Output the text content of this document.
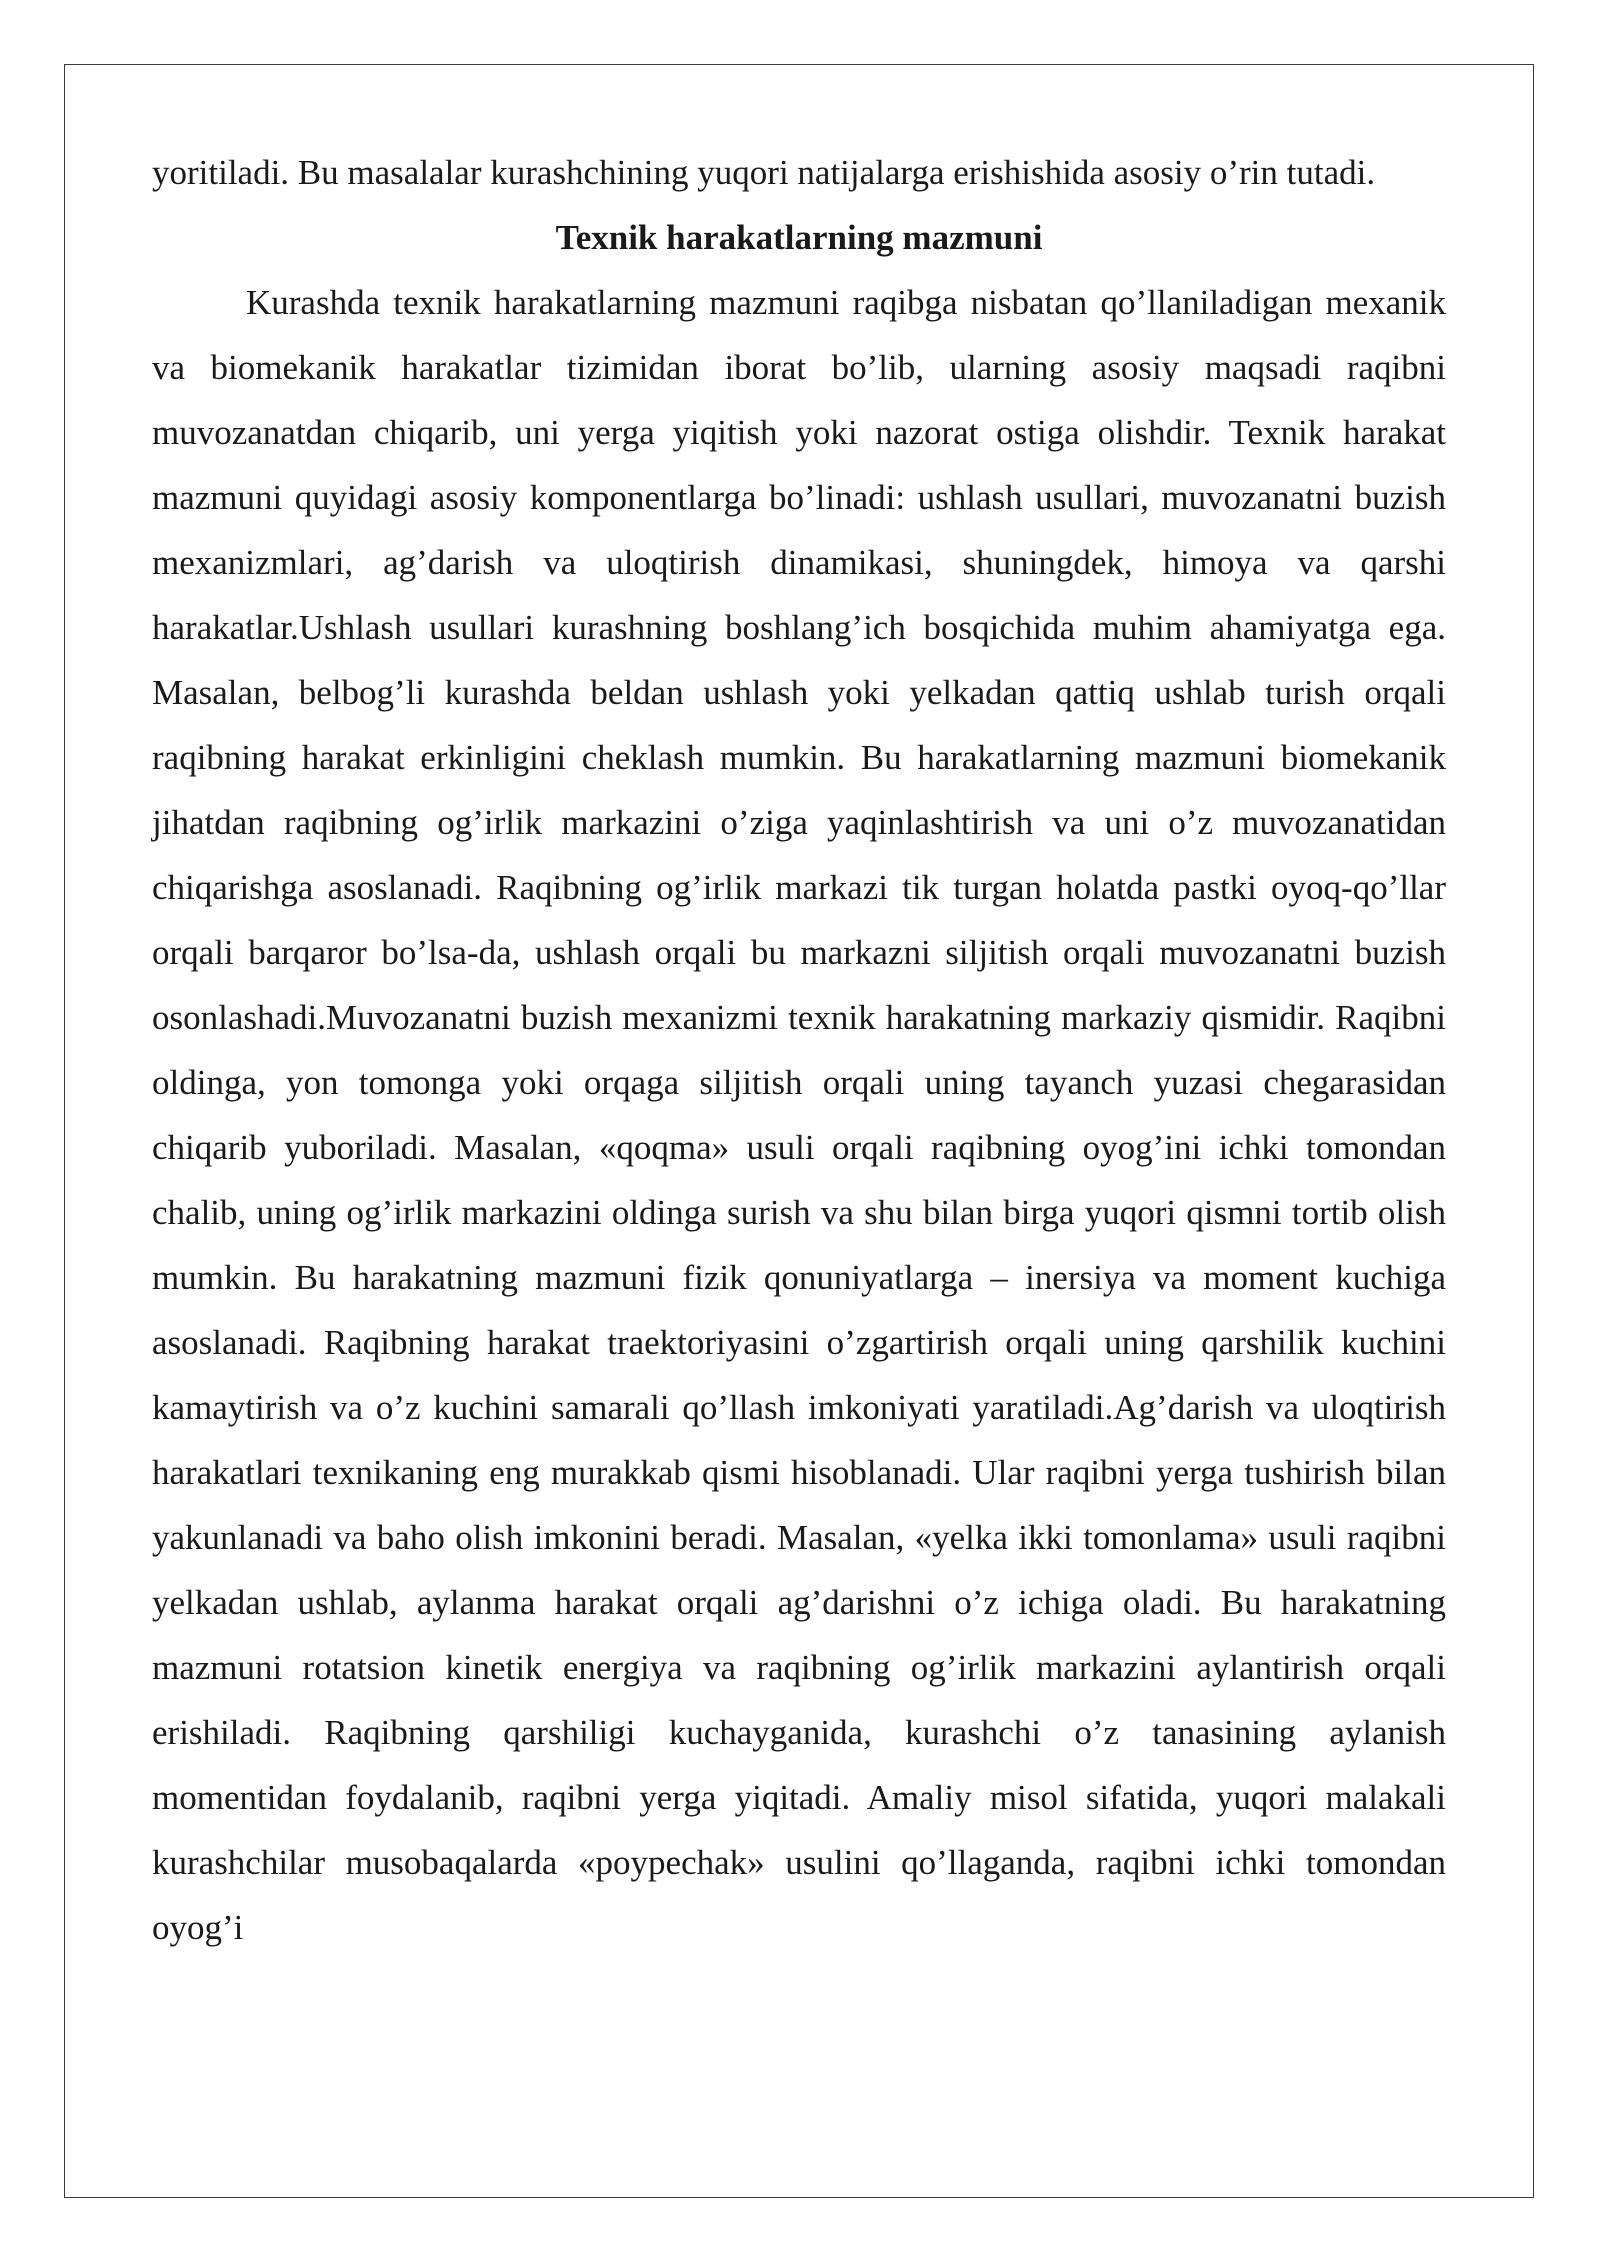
yoritiladi. Bu masalalar kurashchining yuqori natijalarga erishishida asosiy o’rin tutadi.

Texnik harakatlarning mazmuni

Kurashda texnik harakatlarning mazmuni raqibga nisbatan qo’llaniladigan mexanik va biomekanik harakatlar tizimidan iborat bo’lib, ularning asosiy maqsadi raqibni muvozanatdan chiqarib, uni yerga yiqitish yoki nazorat ostiga olishdir. Texnik harakat mazmuni quyidagi asosiy komponentlarga bo’linadi: ushlash usullari, muvozanatni buzish mexanizmlari, ag’darish va uloqtirish dinamikasi, shuningdek, himoya va qarshi harakatlar.Ushlash usullari kurashning boshlang’ich bosqichida muhim ahamiyatga ega. Masalan, belbog’li kurashda beldan ushlash yoki yelkadan qattiq ushlab turish orqali raqibning harakat erkinligini cheklash mumkin. Bu harakatlarning mazmuni biomekanik jihatdan raqibning og’irlik markazini o’ziga yaqinlashtirish va uni o’z muvozanatidan chiqarishga asoslanadi. Raqibning og’irlik markazi tik turgan holatda pastki oyoq-qo’llar orqali barqaror bo’lsa-da, ushlash orqali bu markazni siljitish orqali muvozanatni buzish osonlashadi.Muvozanatni buzish mexanizmi texnik harakatning markaziy qismidir. Raqibni oldinga, yon tomonga yoki orqaga siljitish orqali uning tayanch yuzasi chegarasidan chiqarib yuboriladi. Masalan, «qoqma» usuli orqali raqibning oyog’ini ichki tomondan chalib, uning og’irlik markazini oldinga surish va shu bilan birga yuqori qismni tortib olish mumkin. Bu harakatning mazmuni fizik qonuniyatlarga – inersiya va moment kuchiga asoslanadi. Raqibning harakat traektoriyasini o’zgartirish orqali uning qarshilik kuchini kamaytirish va o’z kuchini samarali qo’llash imkoniyati yaratiladi.Ag’darish va uloqtirish harakatlari texnikaning eng murakkab qismi hisoblanadi. Ular raqibni yerga tushirish bilan yakunlanadi va baho olish imkonini beradi. Masalan, «yelka ikki tomonlama» usuli raqibni yelkadan ushlab, aylanma harakat orqali ag’darishni o’z ichiga oladi. Bu harakatning mazmuni rotatsion kinetik energiya va raqibning og’irlik markazini aylantirish orqali erishiladi. Raqibning qarshiligi kuchayganida, kurashchi o’z tanasining aylanish momentidan foydalanib, raqibni yerga yiqitadi. Amaliy misol sifatida, yuqori malakali kurashchilar musobaqalarda «poypechak» usulini qo’llaganda, raqibni ichki tomondan oyog’i
